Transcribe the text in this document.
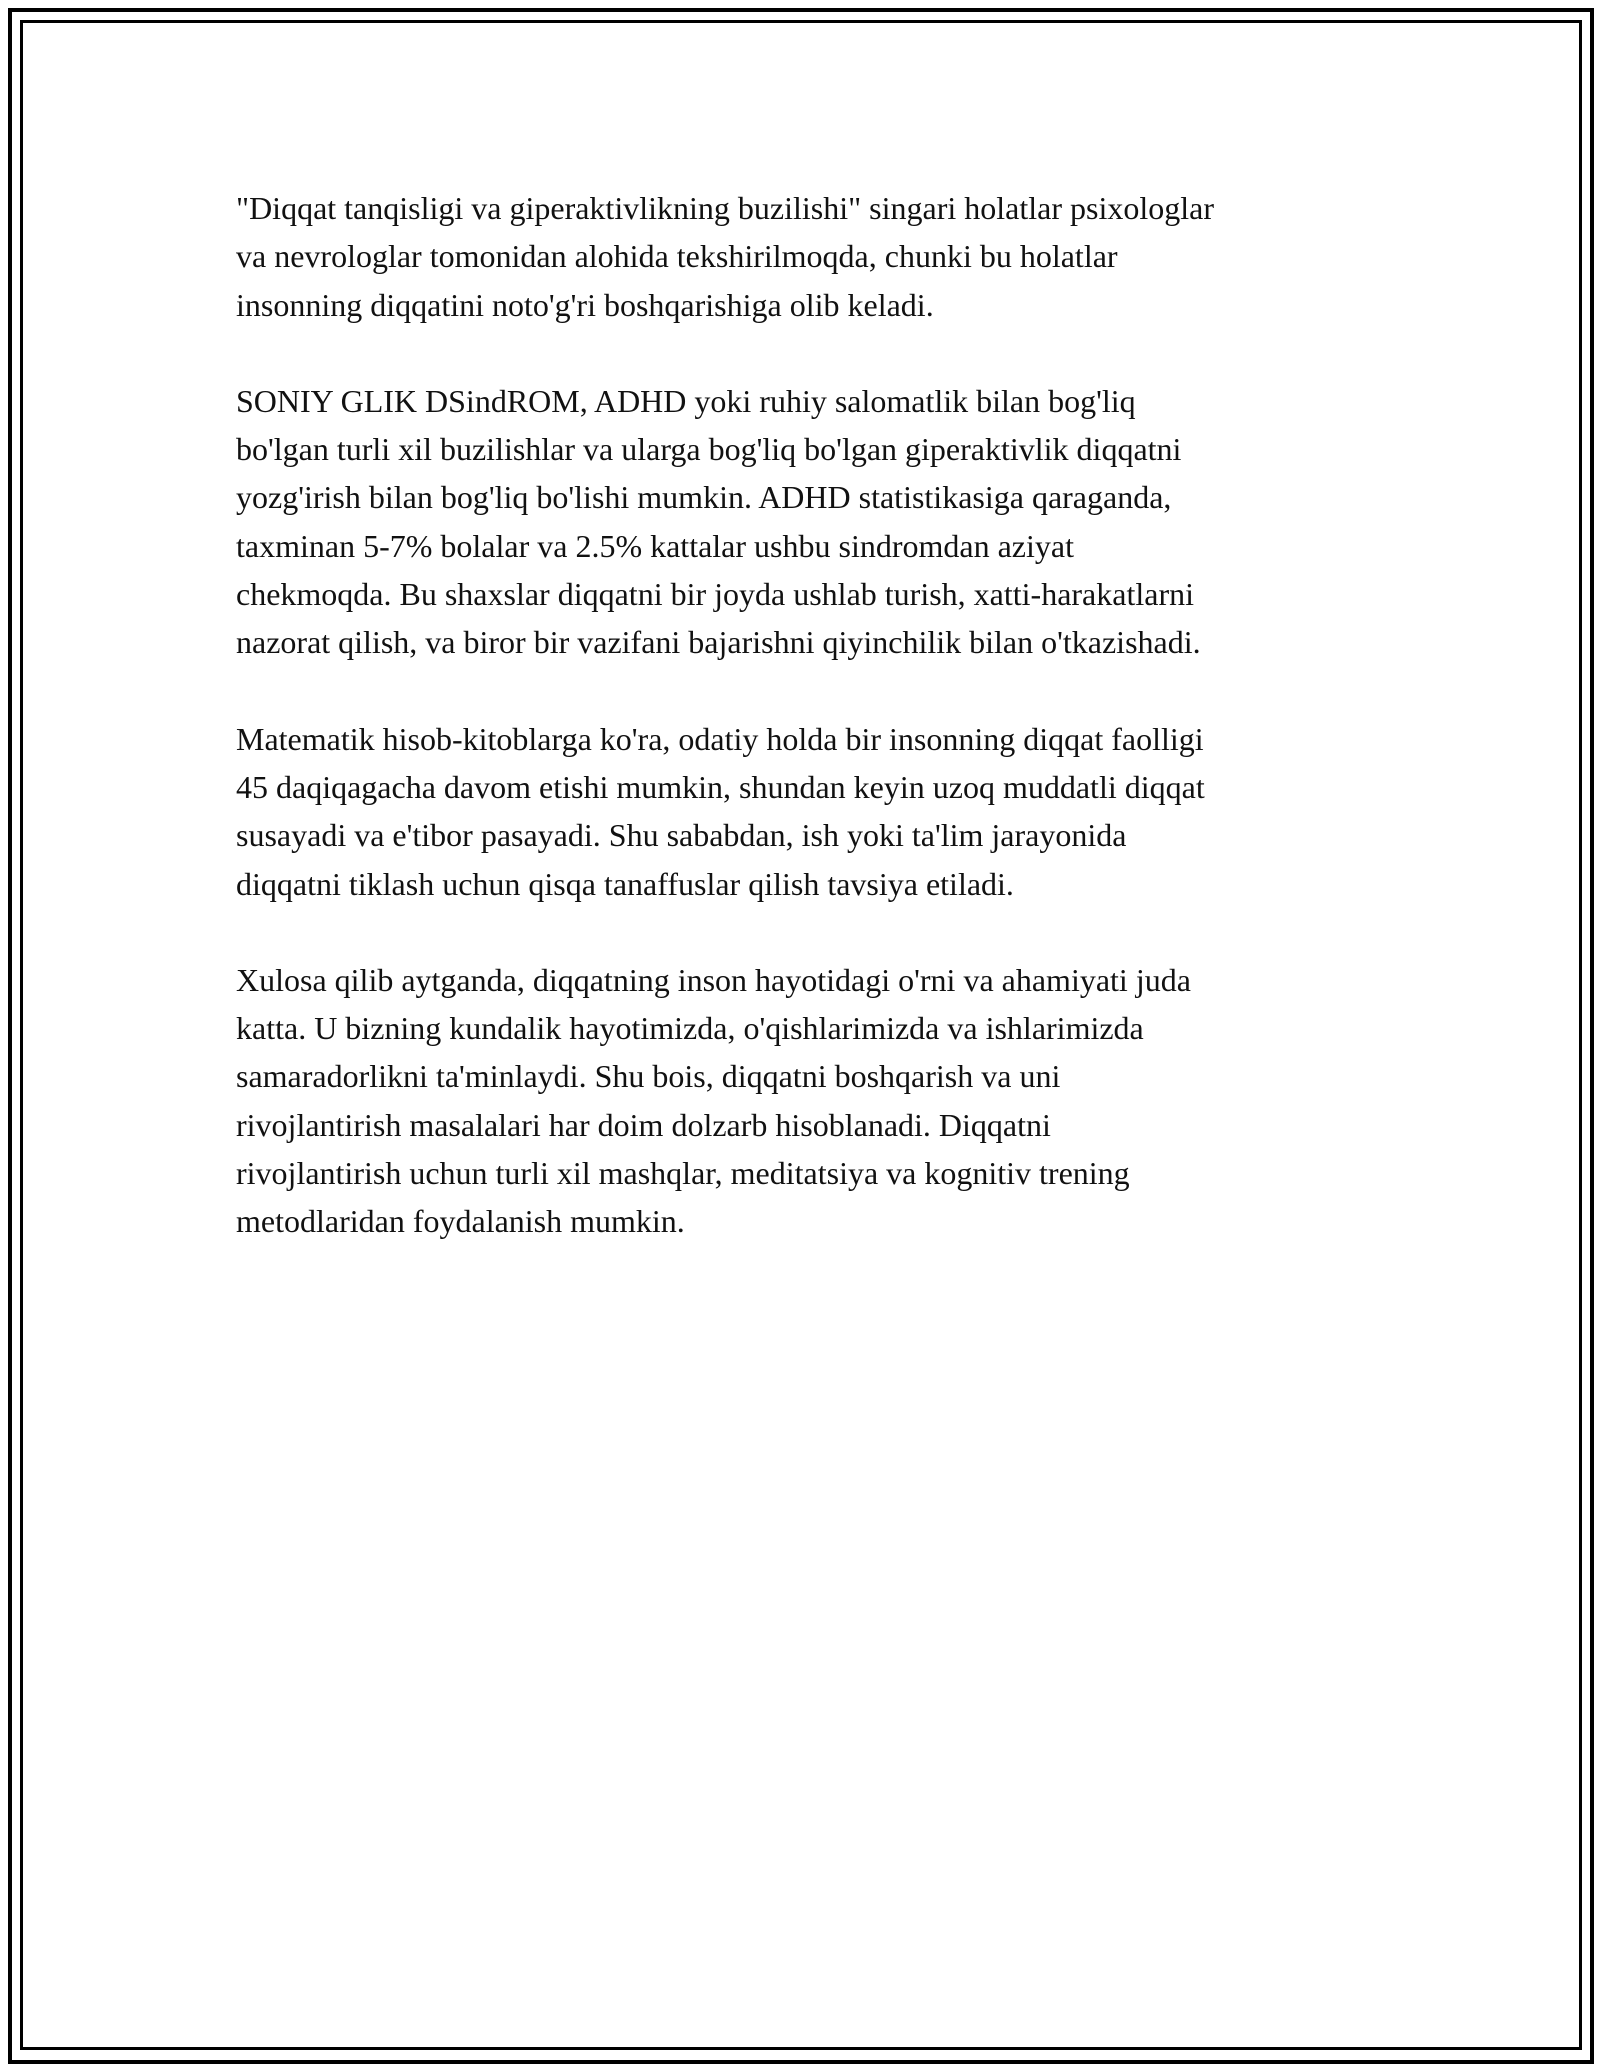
"Diqqat tanqisligi va giperaktivlikning buzilishi" singari holatlar psixologlar
va nevrologlar tomonidan alohida tekshirilmoqda, chunki bu holatlar
insonning diqqatini noto'g'ri boshqarishiga olib keladi.

SONIY GLIK DSindROM, ADHD yoki ruhiy salomatlik bilan bog'liq
bo'lgan turli xil buzilishlar va ularga bog'liq bo'lgan giperaktivlik diqqatni
yozg'irish bilan bog'liq bo'lishi mumkin. ADHD statistikasiga qaraganda,
taxminan 5-7% bolalar va 2.5% kattalar ushbu sindromdan aziyat
chekmoqda. Bu shaxslar diqqatni bir joyda ushlab turish, xatti-harakatlarni
nazorat qilish, va biror bir vazifani bajarishni qiyinchilik bilan o'tkazishadi.

Matematik hisob-kitoblarga ko'ra, odatiy holda bir insonning diqqat faolligi
45 daqiqagacha davom etishi mumkin, shundan keyin uzoq muddatli diqqat
susayadi va e'tibor pasayadi. Shu sababdan, ish yoki ta'lim jarayonida
diqqatni tiklash uchun qisqa tanaffuslar qilish tavsiya etiladi.

Xulosa qilib aytganda, diqqatning inson hayotidagi o'rni va ahamiyati juda
katta. U bizning kundalik hayotimizda, o'qishlarimizda va ishlarimizda
samaradorlikni ta'minlaydi. Shu bois, diqqatni boshqarish va uni
rivojlantirish masalalari har doim dolzarb hisoblanadi. Diqqatni
rivojlantirish uchun turli xil mashqlar, meditatsiya va kognitiv trening
metodlaridan foydalanish mumkin.
